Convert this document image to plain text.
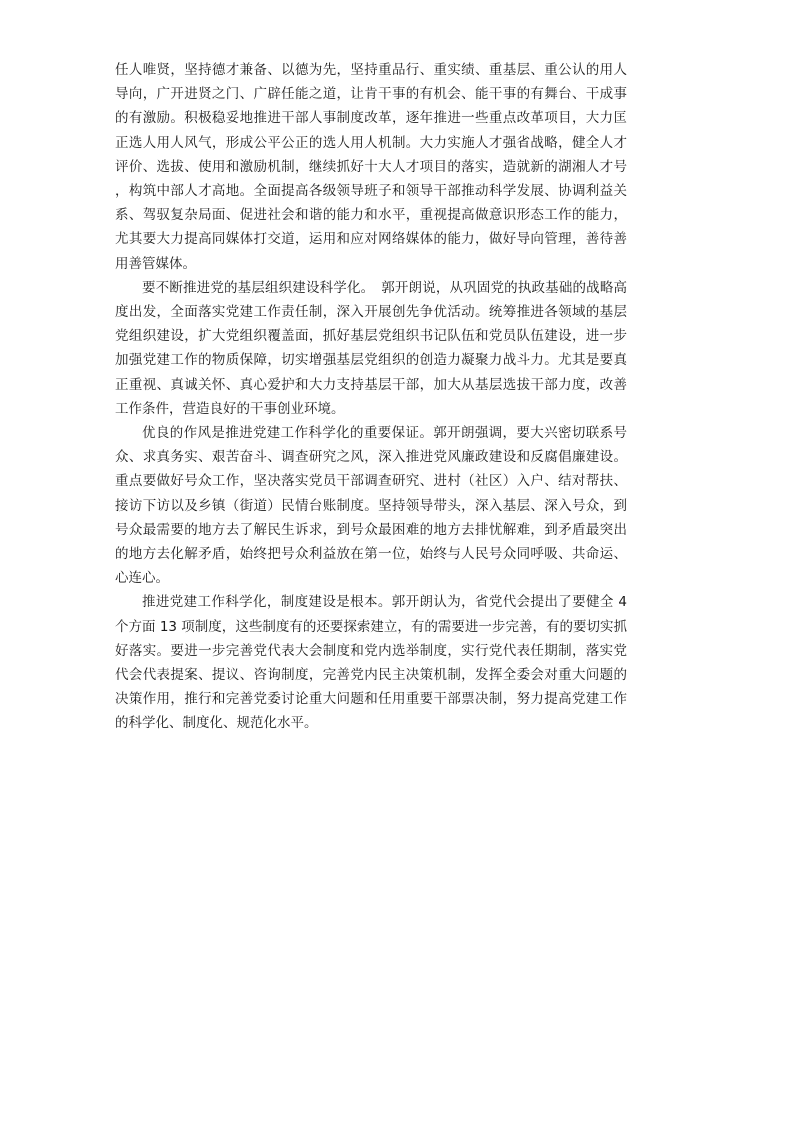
任人唯贤，坚持德才兼备、以德为先，坚持重品行、重实绩、重基层、重公认的用人导向，广开进贤之门、广辟任能之道，让肯干事的有机会、能干事的有舞台、干成事的有激励。积极稳妥地推进干部人事制度改革，逐年推进一些重点改革项目，大力匡正选人用人风气，形成公平公正的选人用人机制。大力实施人才强省战略，健全人才评价、选拔、使用和激励机制，继续抓好十大人才项目的落实，造就新的湖湘人才号，构筑中部人才高地。全面提高各级领导班子和领导干部推动科学发展、协调利益关系、驾驭复杂局面、促进社会和谐的能力和水平，重视提高做意识形态工作的能力，尤其要大力提高同媒体打交道，运用和应对网络媒体的能力，做好导向管理，善待善用善管媒体。

要不断推进党的基层组织建设科学化。　郭开朗说，从巩固党的执政基础的战略高度出发，全面落实党建工作责任制，深入开展创先争优活动。统筹推进各领域的基层党组织建设，扩大党组织覆盖面，抓好基层党组织书记队伍和党员队伍建设，进一步加强党建工作的物质保障，切实增强基层党组织的创造力凝聚力战斗力。尤其是要真正重视、真诚关怀、真心爱护和大力支持基层干部，加大从基层选拔干部力度，改善工作条件，营造良好的干事创业环境。

优良的作风是推进党建工作科学化的重要保证。郭开朗强调，要大兴密切联系号众、求真务实、艰苦奋斗、调查研究之风，深入推进党风廉政建设和反腐倡廉建设。重点要做好号众工作，坚决落实党员干部调查研究、进村（社区）入户、结对帮扶、接访下访以及乡镇（街道）民情台账制度。坚持领导带头，深入基层、深入号众，到号众最需要的地方去了解民生诉求，到号众最困难的地方去排忧解难，到矛盾最突出的地方去化解矛盾，始终把号众利益放在第一位，始终与人民号众同呼吸、共命运、心连心。

推进党建工作科学化，制度建设是根本。郭开朗认为，省党代会提出了要健全 4 个方面 13 项制度，这些制度有的还要探索建立，有的需要进一步完善，有的要切实抓好落实。要进一步完善党代表大会制度和党内选举制度，实行党代表任期制，落实党代会代表提案、提议、咨询制度，完善党内民主决策机制，发挥全委会对重大问题的决策作用，推行和完善党委讨论重大问题和任用重要干部票决制，努力提高党建工作的科学化、制度化、规范化水平。
